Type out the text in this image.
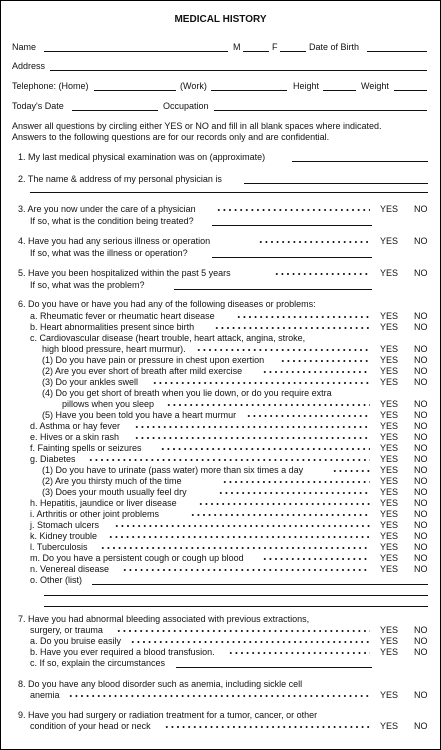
MEDICAL HISTORY
Name	M	F	Date of Birth
Address
Telephone: (Home)	(Work)	Height	Weight
Today's Date	Occupation
Answer all questions by circling either YES or NO and fill in all blank spaces where indicated.
Answers to the following questions are for our records only and are confidential.
1. My last medical physical examination was on (approximate)
2. The name & address of my personal physician is
3. Are you now under the care of a physician	YES NO
If so, what is the condition being treated?
4. Have you had any serious illness or operation	YES NO
If so, what was the illness or operation?
5. Have you been hospitalized within the past 5 years	YES NO
If so, what was the problem?
6. Do you have or have you had any of the following diseases or problems:
a. Rheumatic fever or rheumatic heart disease	YES NO
b. Heart abnormalities present since birth	YES NO
c. Cardiovascular disease (heart trouble, heart attack, angina, stroke,
high blood pressure, heart murmur).	YES NO
(1) Do you have pain or pressure in chest upon exertion	YES NO
(2) Are you ever short of breath after mild exercise	YES NO
(3) Do your ankles swell	YES NO
(4) Do you get short of breath when you lie down, or do you require extra
pillows when you sleep	YES NO
(5) Have you been told you have a heart murmur	YES NO
d. Asthma or hay fever	YES NO
e. Hives or a skin rash	YES NO
f. Fainting spells or seizures	YES NO
g. Diabetes	YES NO
(1) Do you have to urinate (pass water) more than six times a day	YES NO
(2) Are you thirsty much of the time	YES NO
(3) Does your mouth usually feel dry	YES NO
h. Hepatitis, jaundice or liver disease	YES NO
i. Arthritis or other joint problems	YES NO
j. Stomach ulcers	YES NO
k. Kidney trouble	YES NO
l. Tuberculosis	YES NO
m. Do you have a persistent cough or cough up blood	YES NO
n. Venereal disease	YES NO
o. Other (list)
7. Have you had abnormal bleeding associated with previous extractions,
surgery, or trauma	YES NO
a. Do you bruise easily	YES NO
b. Have you ever required a blood transfusion.	YES NO
c. If so, explain the circumstances
8. Do you have any blood disorder such as anemia, including sickle cell
anemia	YES NO
9. Have you had surgery or radiation treatment for a tumor, cancer, or other
condition of your head or neck	YES NO
